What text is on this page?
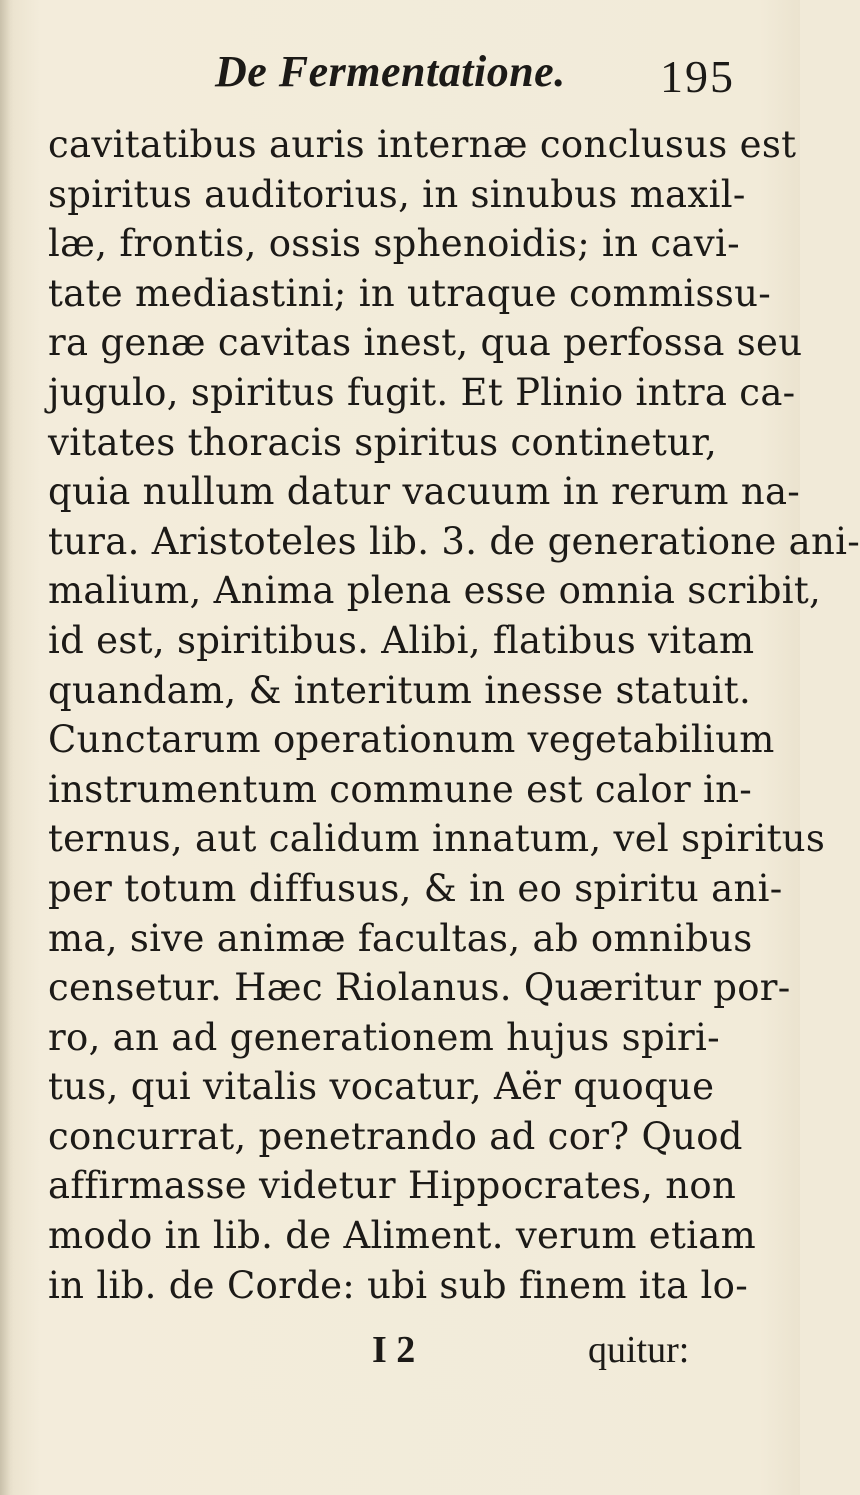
De Fermentatione. 195
cavitatibus auris internæ conclusus est
spiritus auditorius, in sinubus maxil-
læ, frontis, ossis sphenoidis; in cavi-
tate mediastini; in utraque commissu-
ra genæ cavitas inest, qua perfossa seu
jugulo, spiritus fugit. Et Plinio intra ca-
vitates thoracis spiritus continetur,
quia nullum datur vacuum in rerum na-
tura. Aristoteles lib. 3. de generatione ani-
malium, Anima plena esse omnia scribit,
id est, spiritibus. Alibi, flatibus vitam
quandam, & interitum inesse statuit.
Cunctarum operationum vegetabilium
instrumentum commune est calor in-
ternus, aut calidum innatum, vel spiritus
per totum diffusus, & in eo spiritu ani-
ma, sive animæ facultas, ab omnibus
censetur. Hæc Riolanus. Quæritur por-
ro, an ad generationem hujus spiri-
tus, qui vitalis vocatur, Aër quoque
concurrat, penetrando ad cor? Quod
affirmasse videtur Hippocrates, non
modo in lib. de Aliment. verum etiam
in lib. de Corde: ubi sub finem ita lo-
I 2	quitur:
